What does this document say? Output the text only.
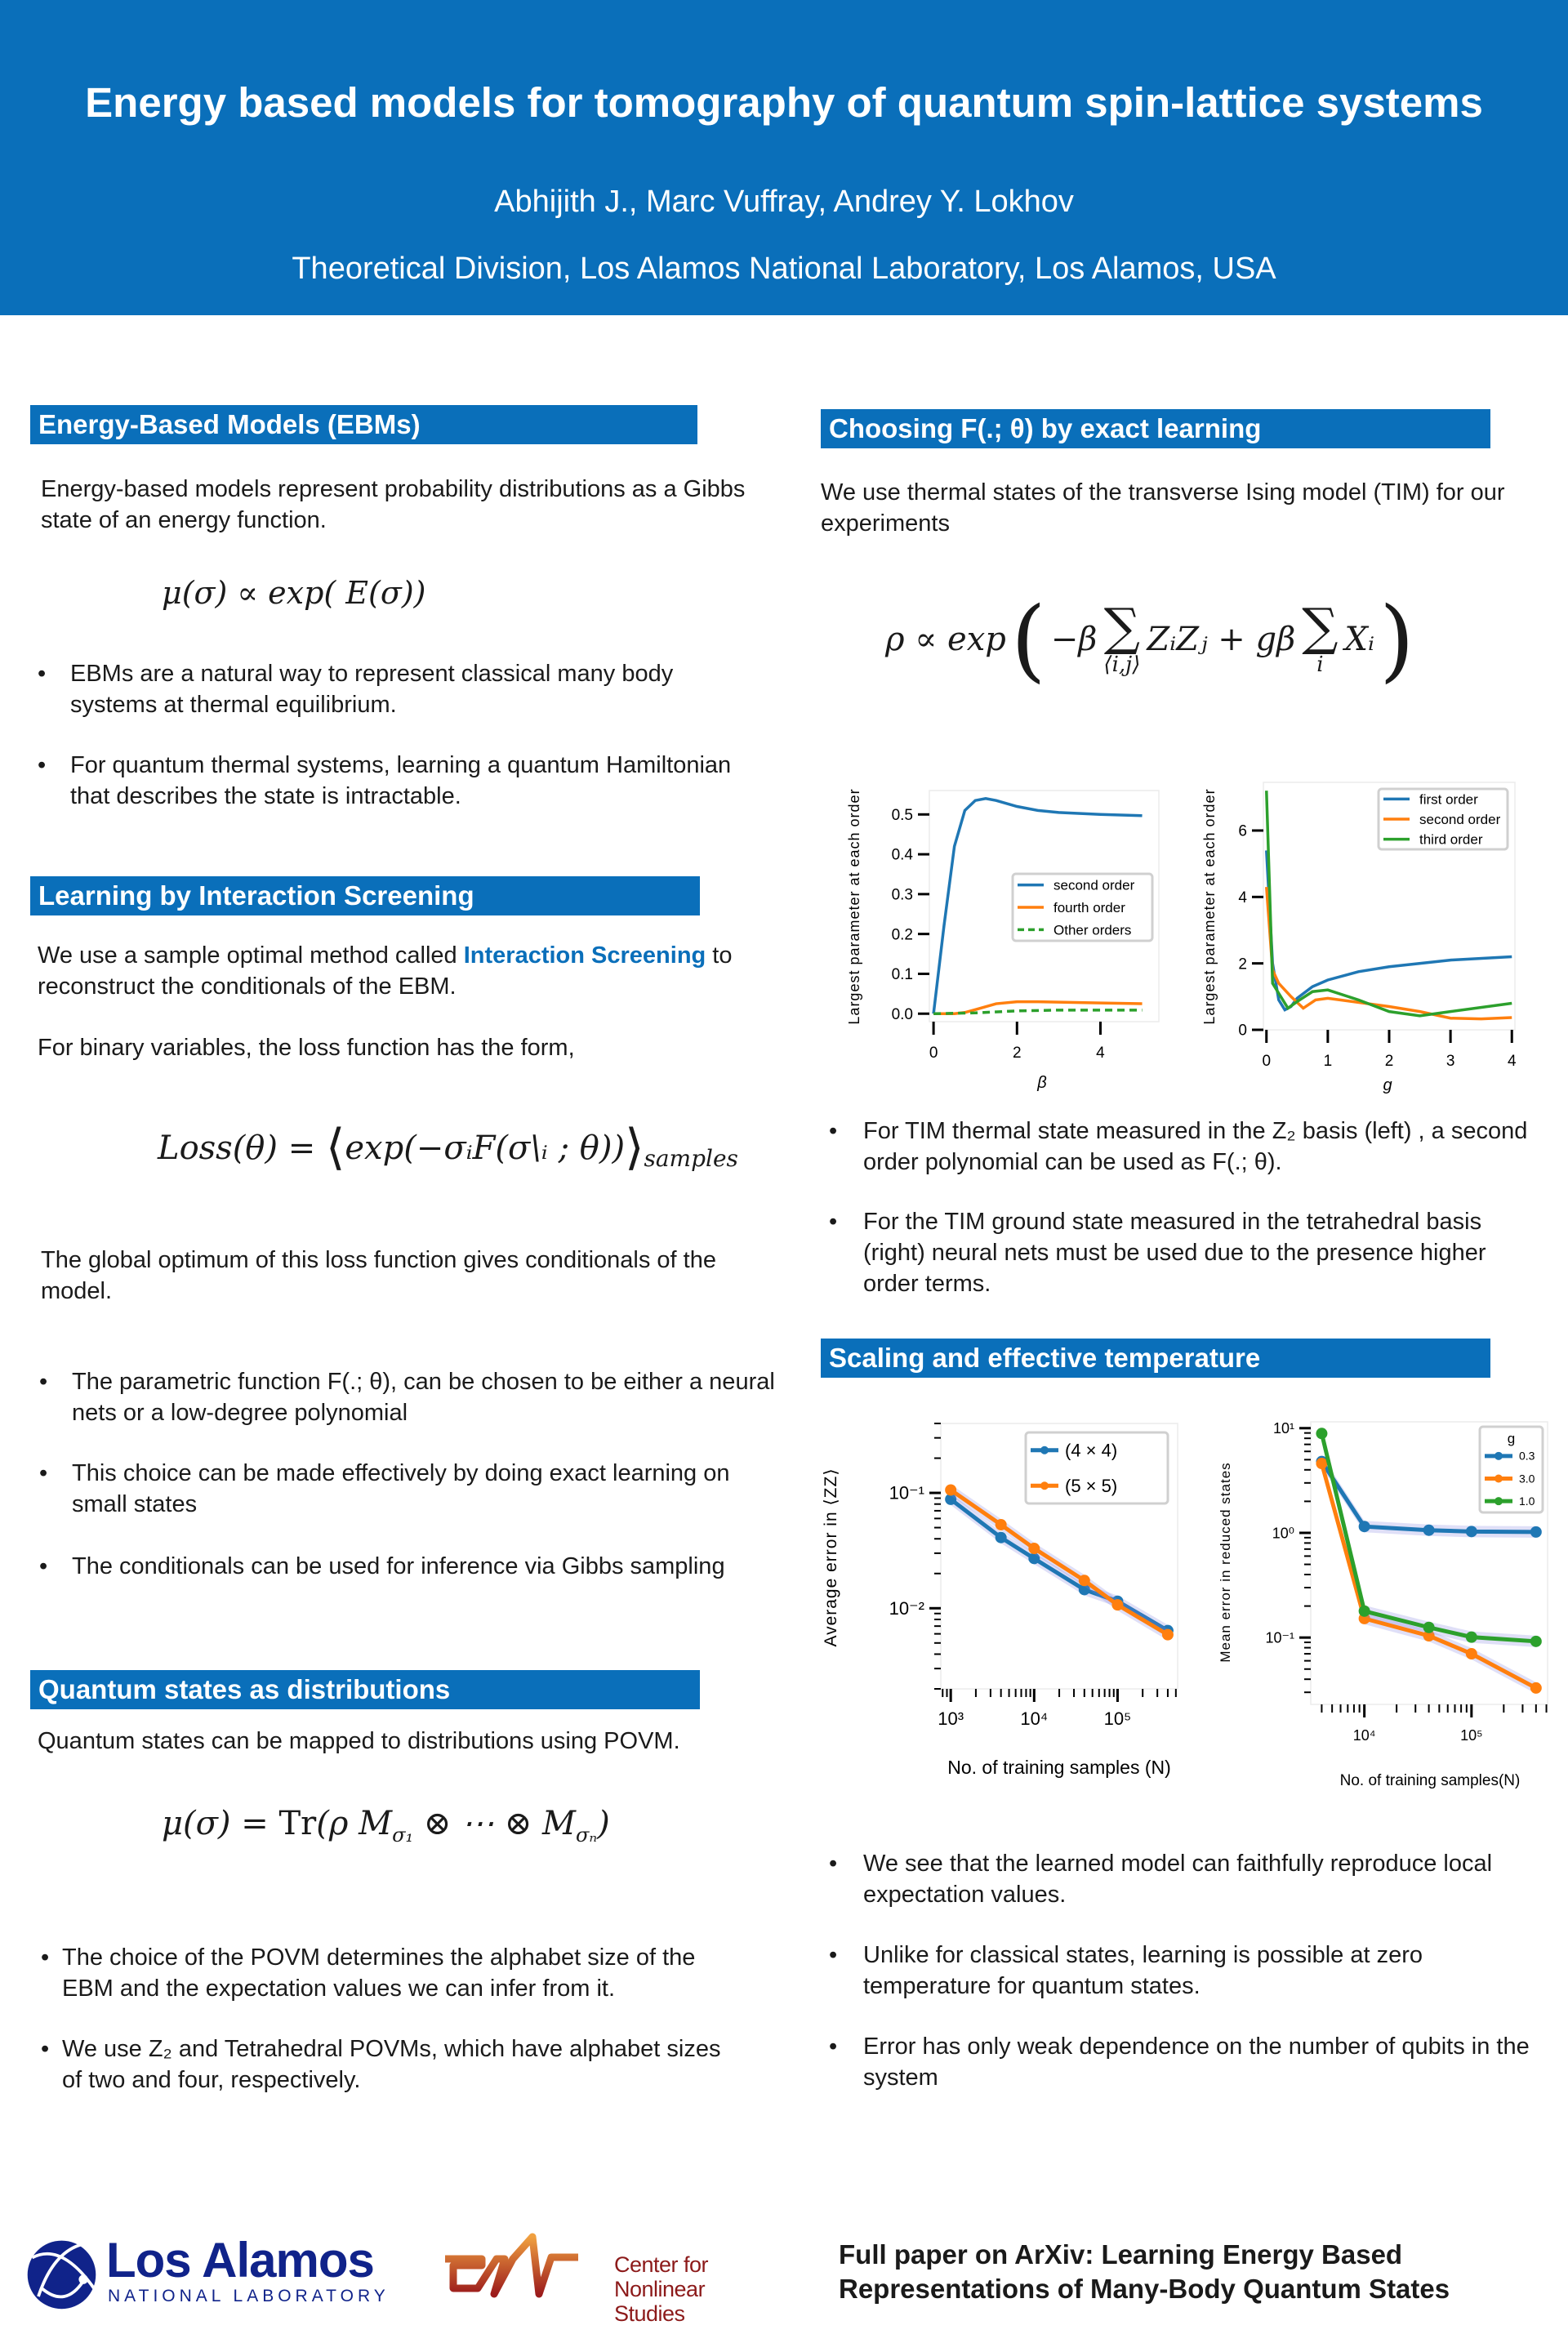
Energy based models for tomography of quantum spin-lattice systems
Abhijith J., Marc Vuffray, Andrey Y. Lokhov
Theoretical Division, Los Alamos National Laboratory, Los Alamos, USA
Energy-Based Models (EBMs)
Energy-based models represent probability distributions as a Gibbs state of an energy function.
μ(σ) ∝ exp( E(σ))
• EBMs are a natural way to represent classical many body systems at thermal equilibrium.
• For quantum thermal systems, learning a quantum Hamiltonian that describes the state is intractable.
Learning by Interaction Screening
We use a sample optimal method called Interaction Screening to reconstruct the conditionals of the EBM.
For binary variables, the loss function has the form,
Loss(θ) = ⟨exp(−σᵢF(σ\ᵢ ; $\theta))⟩_{samples}$
The global optimum of this loss function gives conditionals of the model.
• The parametric function F(.; θ), can be chosen to be either a neural nets or a low-degree polynomial
• This choice can be made effectively by doing exact learning on small states
• The conditionals can be used for inference via Gibbs sampling
Quantum states as distributions
Quantum states can be mapped to distributions using POVM.
μ(σ) = Tr(ρ $M_{\sigma_1}$ ⊗ ⋯ ⊗ $M_{\sigma_n}$)
• The choice of the POVM determines the alphabet size of the EBM and the expectation values we can infer from it.
• We use Z₂ and Tetrahedral POVMs, which have alphabet sizes of two and four, respectively.
Choosing F(.; θ) by exact learning
We use thermal states of the transverse Ising model (TIM) for our experiments
ρ ∝ exp ( −β ∑
⟨i,j⟩
ZᵢZⱼ + gβ ∑
i
Xᵢ )
0.0
0.1
0.2
0.3
0.4
0.5
0	2	4
Largest parameter at each order
β
second order
fourth order
Other orders
0
2
4
6
0	1	2	3	4
Largest parameter at each order
g
first order
second order
third order
• For TIM thermal state measured in the Z₂ basis (left) , a second order polynomial can be used as F(.; θ).
• For the TIM ground state measured in the tetrahedral basis (right) neural nets must be used due to the presence higher order terms.
Scaling and effective temperature
10⁻¹
10⁻²
10³	10⁴	10⁵
Average error in ⟨ZZ⟩
No. of training samples (N)
(4 × 4)
(5 × 5)
10¹
10⁰
10⁻¹
10⁴	10⁵
Mean error in reduced states
No. of training samples(N)
g
0.3
3.0
1.0
• We see that the learned model can faithfully reproduce local expectation values.
• Unlike for classical states, learning is possible at zero temperature for quantum states.
• Error has only weak dependence on the number of qubits in the system
Los Alamos
NATIONAL LABORATORY
Center for
Nonlinear Studies
Full paper on ArXiv: Learning Energy Based
Representations of Many-Body Quantum States
